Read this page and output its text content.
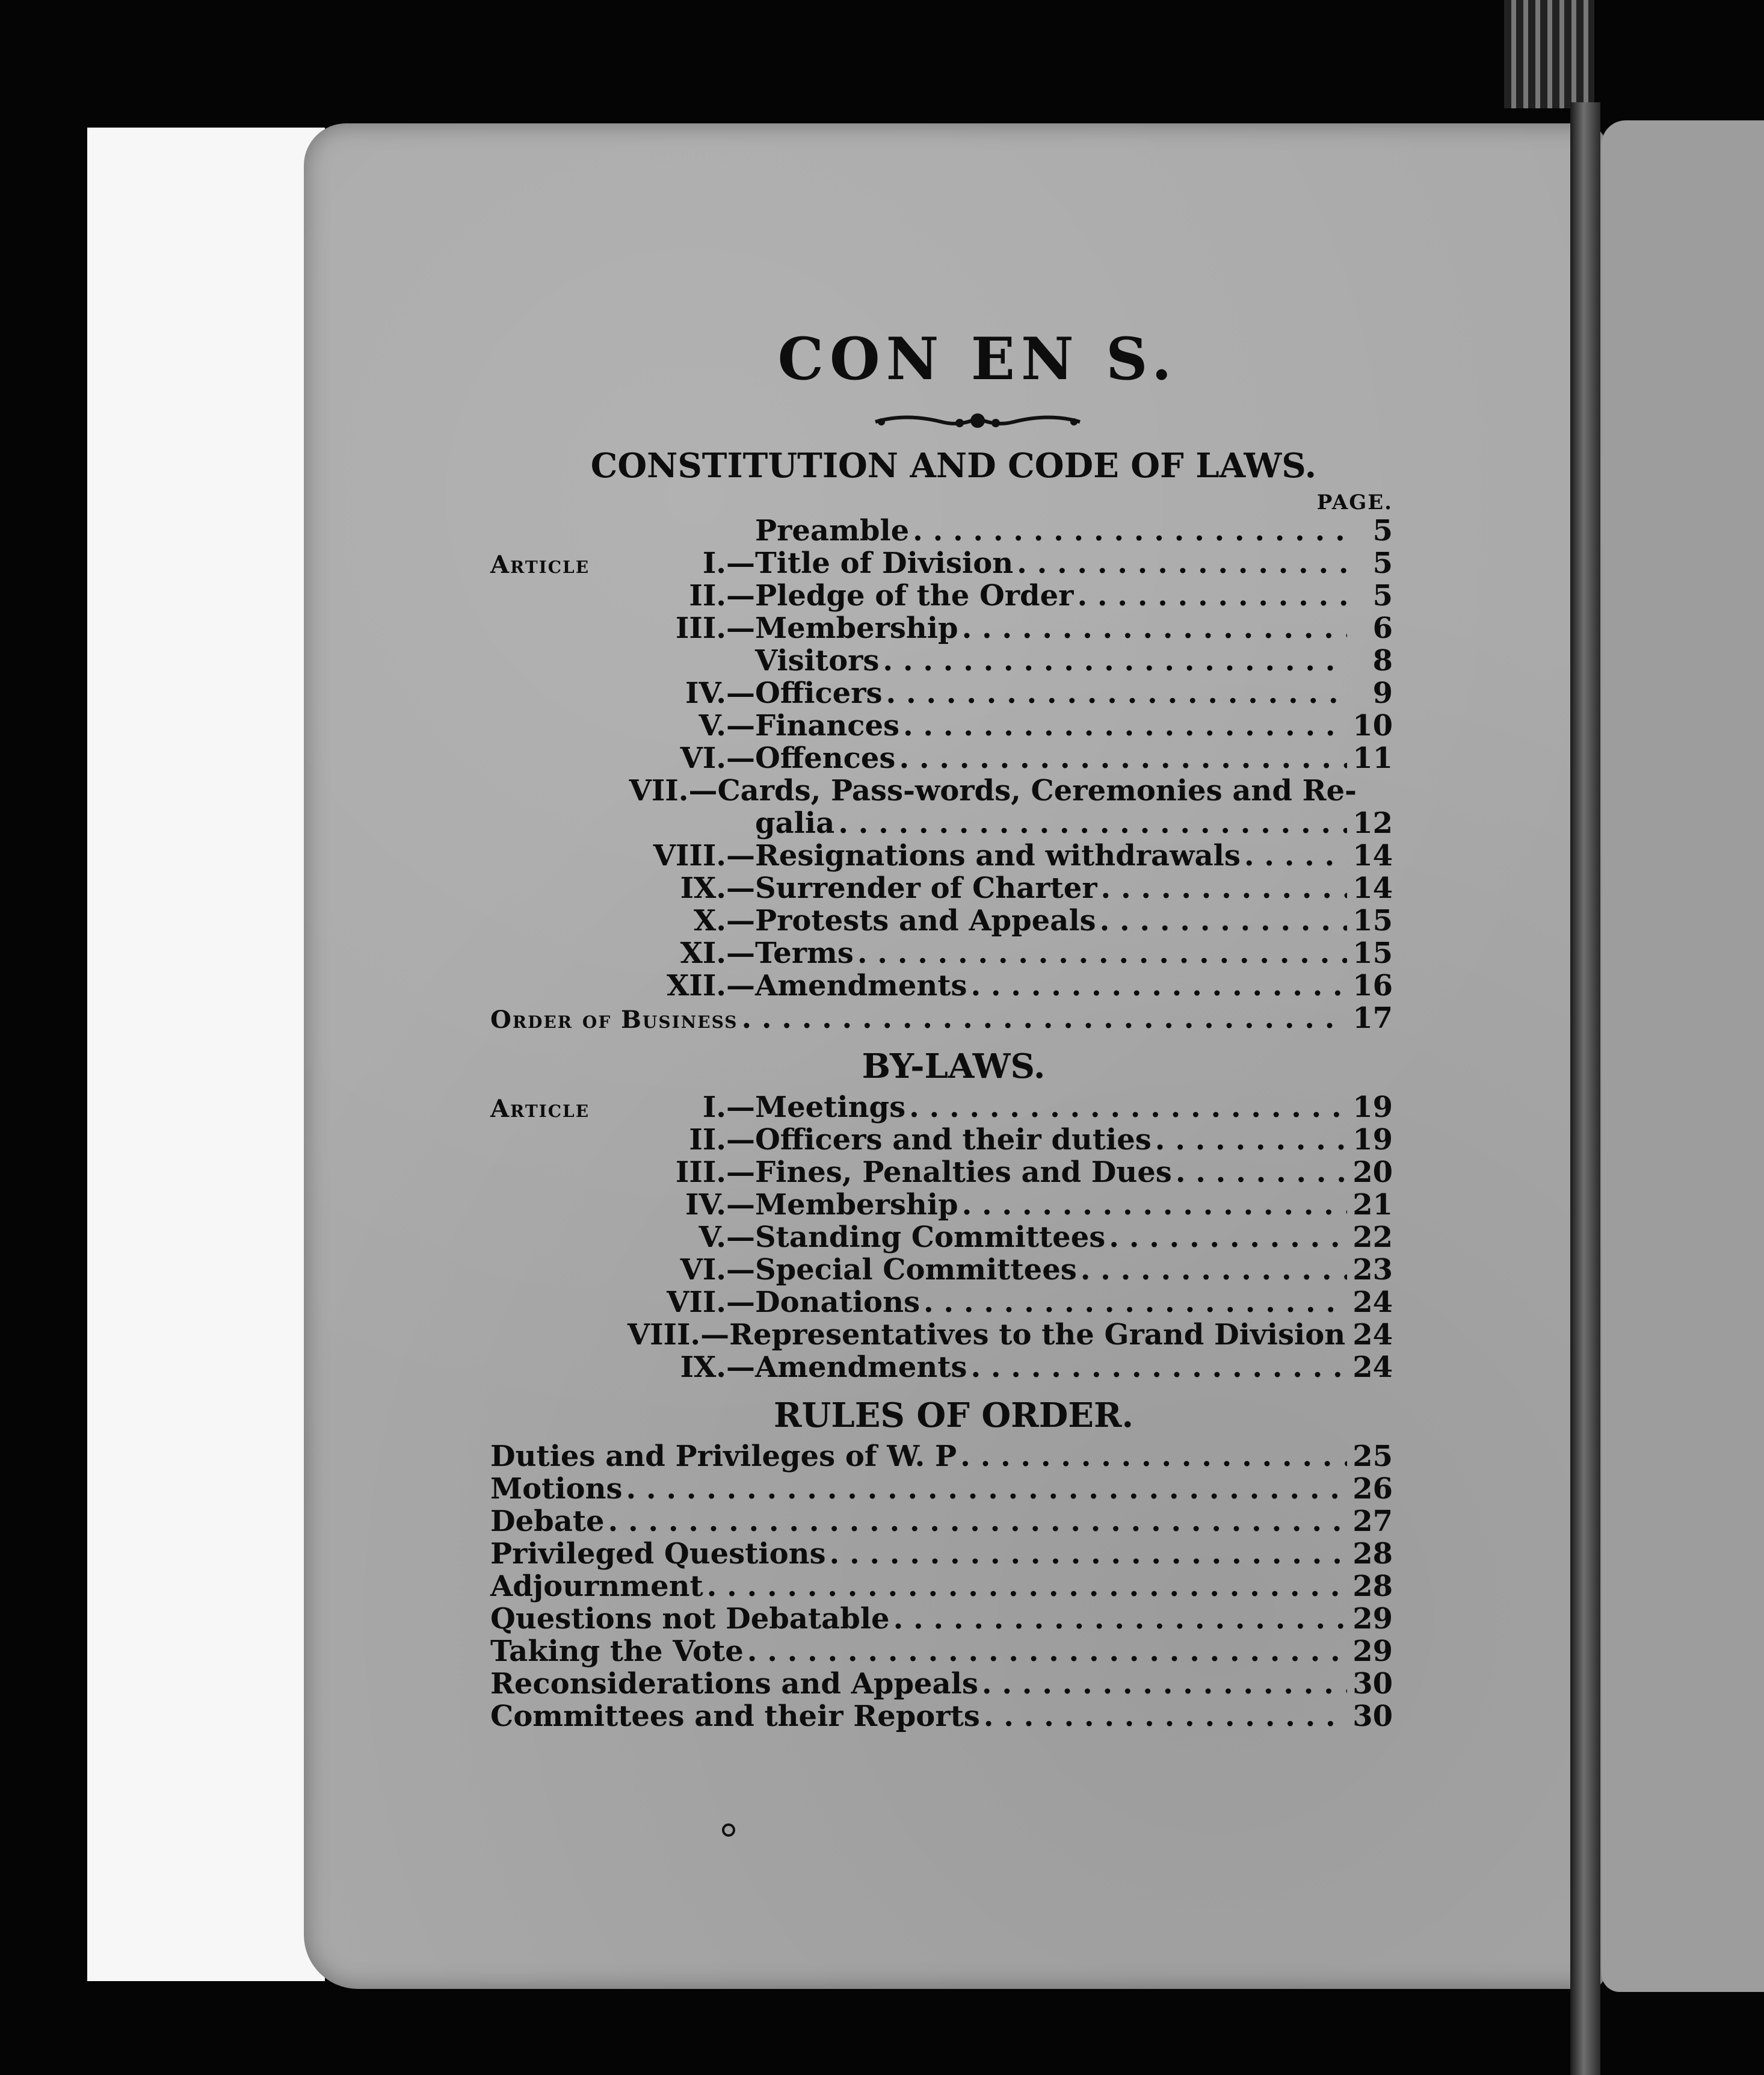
CON EN S.
CONSTITUTION AND CODE OF LAWS.
PAGE.
Preamble . . .	5
Article	I.— Title of Division . . .	5
II.— Pledge of the Order . . .	5
III.— Membership . . .	6
Visitors . . .	8
IV.— Officers . . .	9
V.— Finances . . .	10
VI.— Offences . . .	11
VII.— Cards, Pass-words, Ceremonies and Re-
galia . . .	12
VIII.— Resignations and withdrawals . . .	14
IX.— Surrender of Charter . . .	14
X.— Protests and Appeals . . .	15
XI.— Terms . . .	15
XII.— Amendments . . .	16
Order of Business . . .	17
BY-LAWS.
Article	I.— Meetings . . .	19
II.— Officers and their duties . . .	19
III.— Fines, Penalties and Dues . . .	20
IV.— Membership . . .	21
V.— Standing Committees . . .	22
VI.— Special Committees . . .	23
VII.— Donations . . .	24
VIII.— Representatives to the Grand Division 24
IX.— Amendments . . .	24
RULES OF ORDER.
Duties and Privileges of W. P . . .	25
Motions . . .	26
Debate . . .	27
Privileged Questions . . .	28
Adjournment . . .	28
Questions not Debatable . . .	29
Taking the Vote . . .	29
Reconsiderations and Appeals . . .	30
Committees and their Reports . . .	30
